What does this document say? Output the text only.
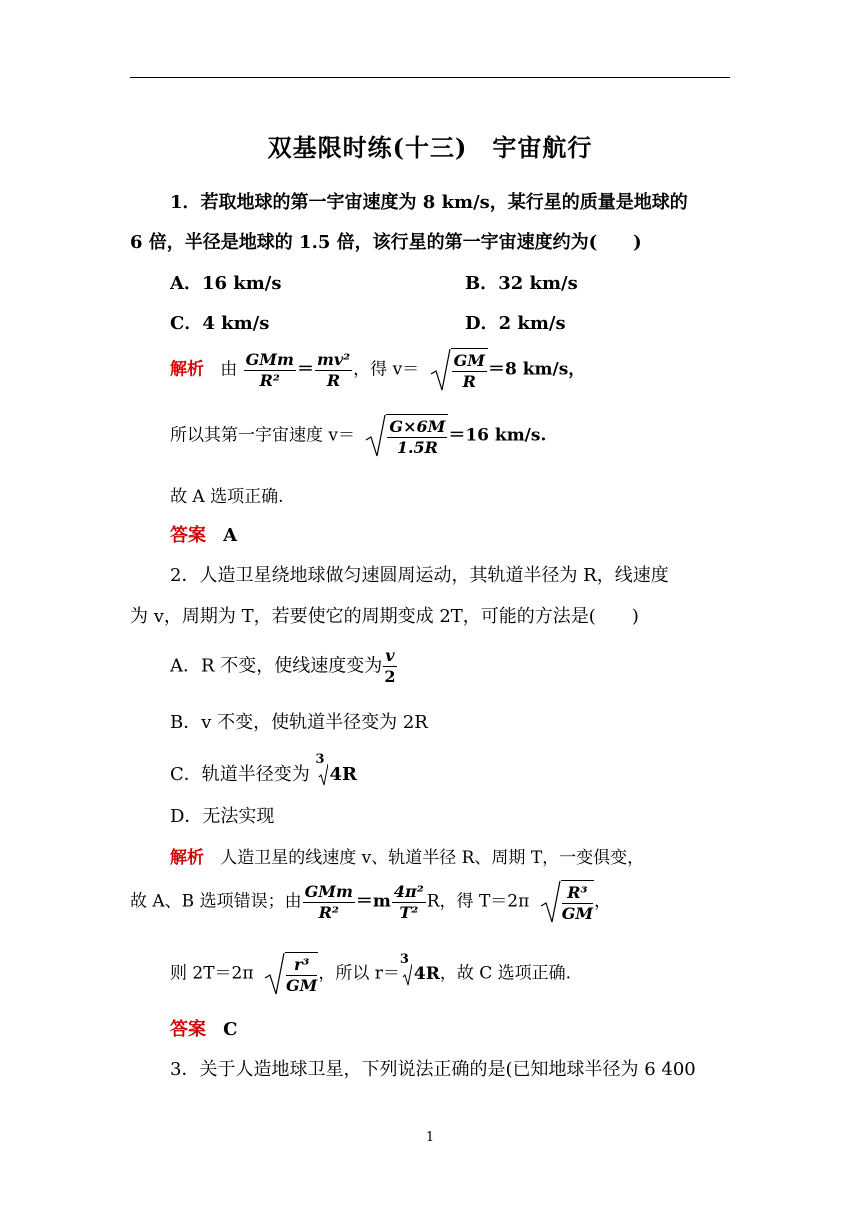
双基限时练(十三)　宇宙航行
1．若取地球的第一宇宙速度为 8 km/s，某行星的质量是地球的
6 倍，半径是地球的 1.5 倍，该行星的第一宇宙速度约为(　　)
A．16 km/s	B．32 km/s
C．4 km/s	D．2 km/s
解析 由 $\frac{\text{GMm}}{\text{R²}} = \frac{\text{mv²}}{R}$ ，得 $v= \frac{GM}{R} =8$ km/s，
所以其第一宇宙速度 $v= \frac{G\times 6M}{1.5R} =16$ km/s.
故 A 选项正确.
答案 A
2．人造卫星绕地球做匀速圆周运动，其轨道半径为 R，线速度
为 v，周期为 T，若要使它的周期变成 2T，可能的方法是(　　)
A．R 不变，使线速度变为 $\frac{v}{2}$
B．v 不变，使轨道半径变为 2R
C．轨道半径变为
3
4R
D．无法实现
解析 人造卫星的线速度 v、轨道半径 R、周期 T，一变俱变，
故 A、B 选项错误；由 $\frac{\text{GMm}}{\text{R²}} =m \frac{\text{4π²}}{\text{T²}}$ R，得 $T=2\pi \frac{\text{R³}}{GM}$ ，
则 $2T=2\pi \frac{\text{r³}}{GM}$ ，所以 r＝
3
4R，故 C 选项正确.
答案 C
3．关于人造地球卫星，下列说法正确的是(已知地球半径为 6 400
1
